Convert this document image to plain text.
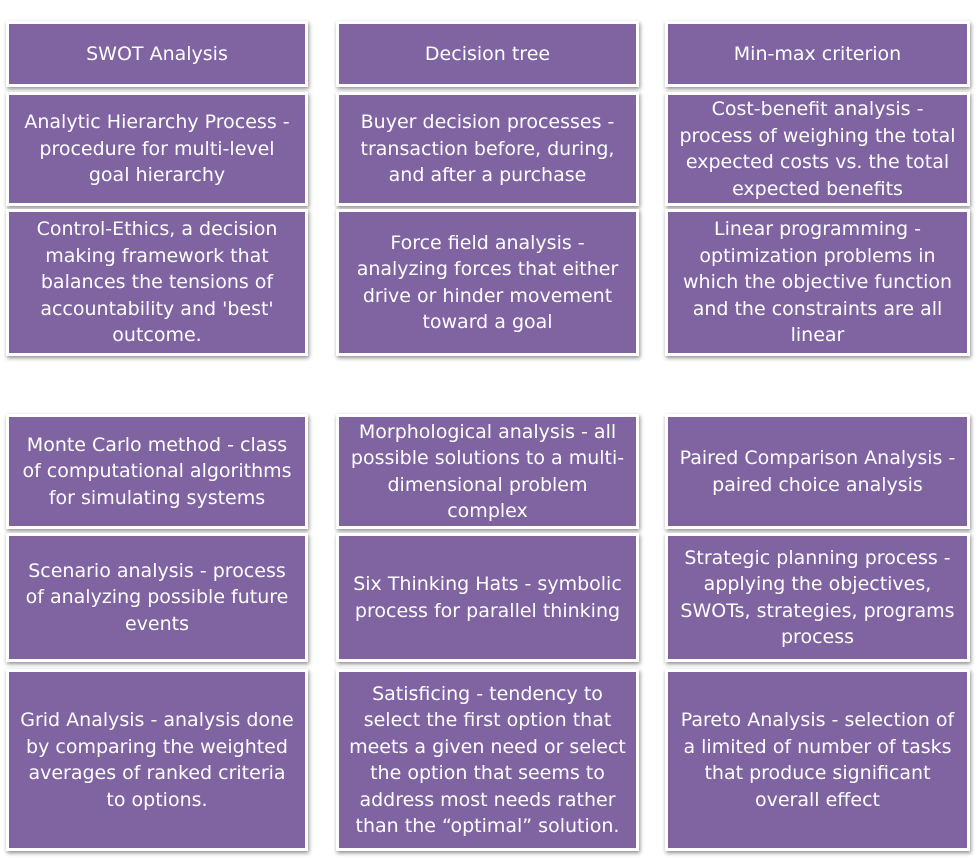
SWOT Analysis	Decision tree	Min-max criterion
Analytic Hierarchy Process - procedure for multi-level goal hierarchy
Buyer decision processes - transaction before, during, and after a purchase
Cost-benefit analysis - process of weighing the total expected costs vs. the total expected benefits
Control-Ethics, a decision making framework that balances the tensions of accountability and 'best' outcome.
Force field analysis - analyzing forces that either drive or hinder movement toward a goal
Linear programming - optimization problems in which the objective function and the constraints are all linear
Monte Carlo method - class of computational algorithms for simulating systems
Morphological analysis - all possible solutions to a multi-dimensional problem complex
Paired Comparison Analysis - paired choice analysis
Scenario analysis - process of analyzing possible future events
Six Thinking Hats - symbolic process for parallel thinking
Strategic planning process - applying the objectives, SWOTs, strategies, programs process
Grid Analysis - analysis done by comparing the weighted averages of ranked criteria to options.
Satisficing - tendency to select the first option that meets a given need or select the option that seems to address most needs rather than the “optimal” solution.
Pareto Analysis - selection of a limited of number of tasks that produce significant overall effect
